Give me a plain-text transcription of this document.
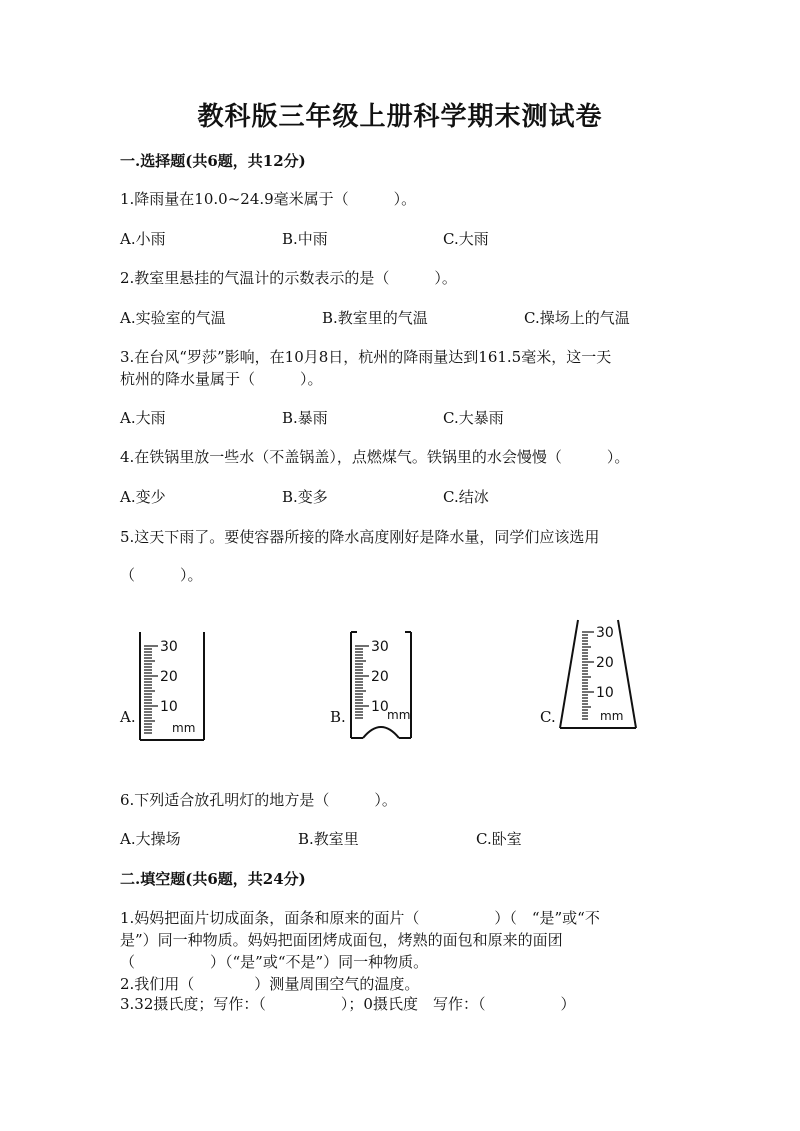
教科版三年级上册科学期末测试卷
一.选择题(共6题，共12分)
1.降雨量在10.0~24.9毫米属于（　　　）。
A.小雨	B.中雨	C.大雨
2.教室里悬挂的气温计的示数表示的是（　　　）。
A.实验室的气温	B.教室里的气温	C.操场上的气温
3.在台风“罗莎”影响，在10月8日，杭州的降雨量达到161.5毫米，这一天
杭州的降水量属于（　　　）。
A.大雨	B.暴雨	C.大暴雨
4.在铁锅里放一些水（不盖锅盖），点燃煤气。铁锅里的水会慢慢（　　　）。
A.变少	B.变多	C.结冰
5.这天下雨了。要使容器所接的降水高度刚好是降水量，同学们应该选用
（　　　）。
A.
30
20
10
mm
B.
30
20
10
mm	C.
30
20
10
mm
6.下列适合放孔明灯的地方是（　　　）。
A.大操场	B.教室里	C.卧室
二.填空题(共6题，共24分)
1.妈妈把面片切成面条，面条和原来的面片（　　　　　）（　“是”或“不
是”）同一种物质。妈妈把面团烤成面包，烤熟的面包和原来的面团
（　　　　　）（“是”或“不是”）同一种物质。
2.我们用（　　　　）测量周围空气的温度。
3.32摄氏度；写作：（　　　　　）；0摄氏度　写作：（　　　　　）
